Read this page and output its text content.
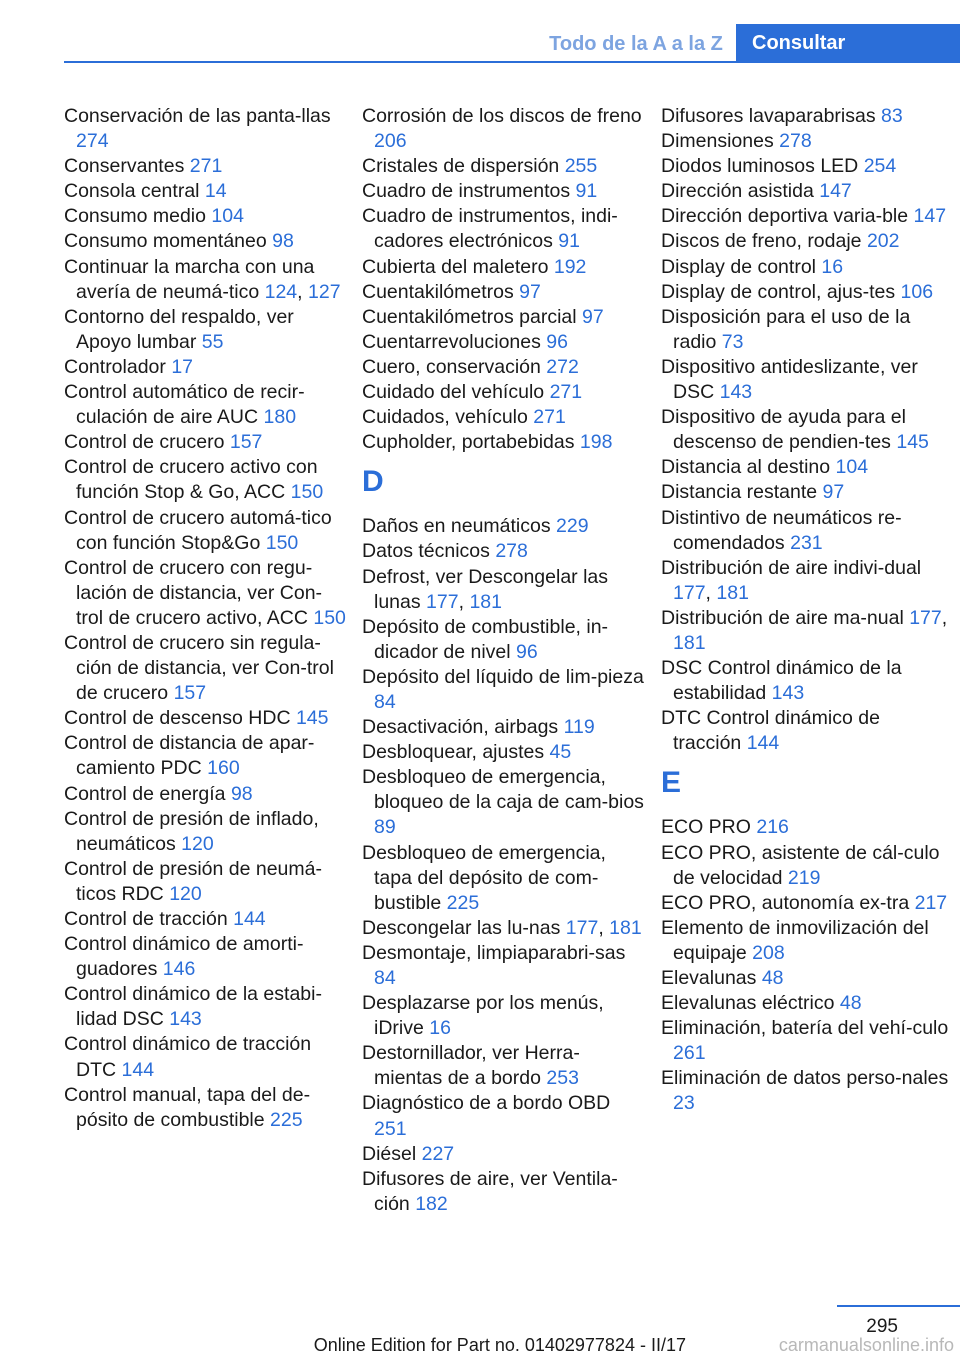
Todo de la A a la Z	Consultar
Conservación de las panta‐llas 274
Conservantes 271
Consola central 14
Consumo medio 104
Consumo momentáneo 98
Continuar la marcha con una avería de neumá‐tico 124, 127
Contorno del respaldo, ver Apoyo lumbar 55
Controlador 17
Control automático de recir‐culación de aire AUC 180
Control de crucero 157
Control de crucero activo con función Stop & Go, ACC 150
Control de crucero automá‐tico con función Stop&Go 150
Control de crucero con regu‐lación de distancia, ver Con‐trol de crucero activo, ACC 150
Control de crucero sin regula‐ción de distancia, ver Con‐trol de crucero 157
Control de descenso HDC 145
Control de distancia de apar‐camiento PDC 160
Control de energía 98
Control de presión de inflado, neumáticos 120
Control de presión de neumá‐ticos RDC 120
Control de tracción 144
Control dinámico de amorti‐guadores 146
Control dinámico de la estabi‐lidad DSC 143
Control dinámico de tracción DTC 144
Control manual, tapa del de‐pósito de combustible 225
Corrosión de los discos de freno 206
Cristales de dispersión 255
Cuadro de instrumentos 91
Cuadro de instrumentos, indi‐cadores electrónicos 91
Cubierta del maletero 192
Cuentakilómetros 97
Cuentakilómetros parcial 97
Cuentarrevoluciones 96
Cuero, conservación 272
Cuidado del vehículo 271
Cuidados, vehículo 271
Cupholder, portabebidas 198
D
Daños en neumáticos 229
Datos técnicos 278
Defrost, ver Descongelar las lunas 177, 181
Depósito de combustible, in‐dicador de nivel 96
Depósito del líquido de lim‐pieza 84
Desactivación, airbags 119
Desbloquear, ajustes 45
Desbloqueo de emergencia, bloqueo de la caja de cam‐bios 89
Desbloqueo de emergencia, tapa del depósito de com‐bustible 225
Descongelar las lu‐nas 177, 181
Desmontaje, limpiaparabri‐sas 84
Desplazarse por los menús, iDrive 16
Destornillador, ver Herra‐mientas de a bordo 253
Diagnóstico de a bordo OBD 251
Diésel 227
Difusores de aire, ver Ventila‐ción 182
Difusores lavaparabrisas 83
Dimensiones 278
Diodos luminosos LED 254
Dirección asistida 147
Dirección deportiva varia‐ble 147
Discos de freno, rodaje 202
Display de control 16
Display de control, ajus‐tes 106
Disposición para el uso de la radio 73
Dispositivo antideslizante, ver DSC 143
Dispositivo de ayuda para el descenso de pendien‐tes 145
Distancia al destino 104
Distancia restante 97
Distintivo de neumáticos re‐comendados 231
Distribución de aire indivi‐dual 177, 181
Distribución de aire ma‐nual 177, 181
DSC Control dinámico de la estabilidad 143
DTC Control dinámico de tracción 144
E
ECO PRO 216
ECO PRO, asistente de cál‐culo de velocidad 219
ECO PRO, autonomía ex‐tra 217
Elemento de inmovilización del equipaje 208
Elevalunas 48
Elevalunas eléctrico 48
Eliminación, batería del vehí‐culo 261
Eliminación de datos perso‐nales 23
295
Online Edition for Part no. 01402977824 - II/17	carmanualsonline.info
